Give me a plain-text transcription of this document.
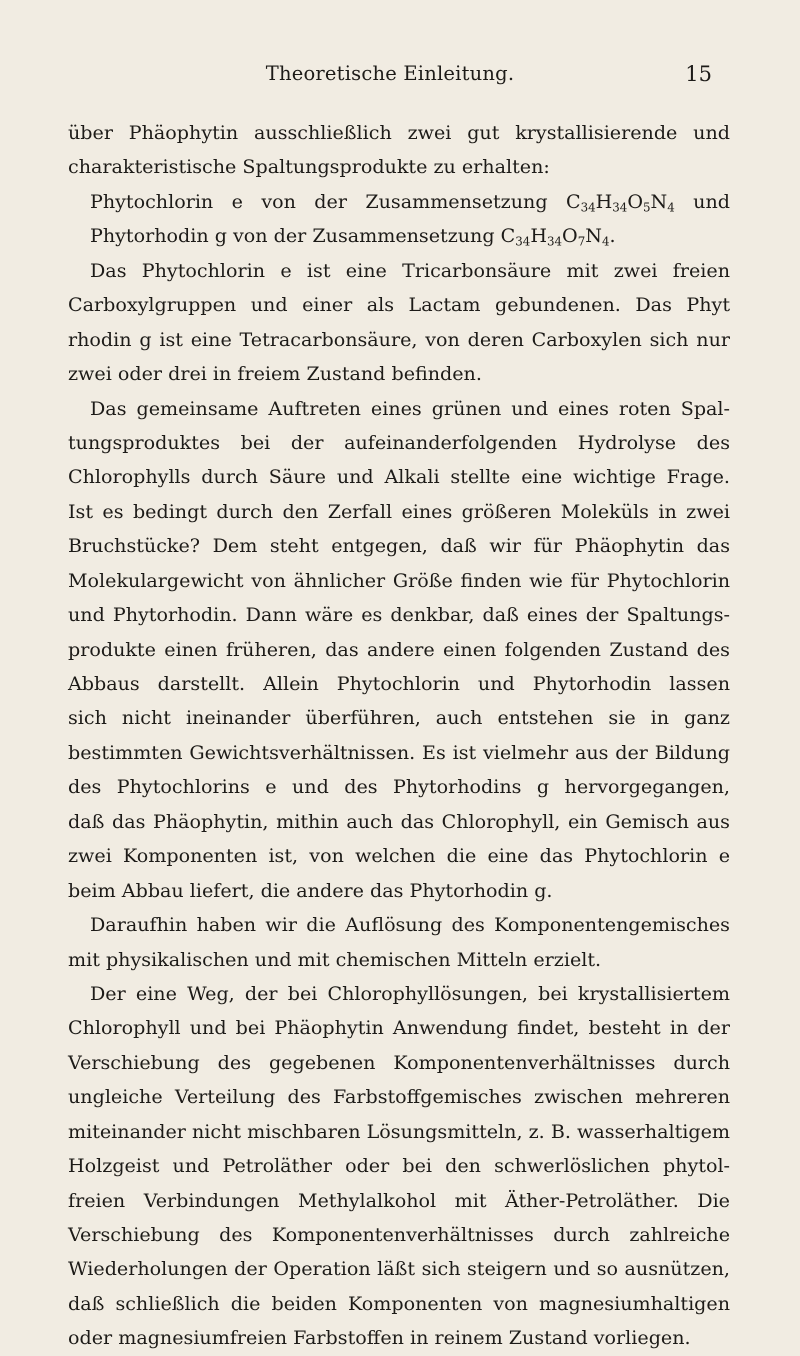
Theoretische Einleitung.	15
über Phäophytin ausschließlich zwei gut krystallisierende und
charakteristische Spaltungsprodukte zu erhalten:
Phytochlorin e von der Zusammensetzung $C_{34}H_{34}O_5N_4$ und
Phytorhodin g von der Zusammensetzung $C_{34}H_{34}O_7N_4$.
Das Phytochlorin e ist eine Tricarbonsäure mit zwei freien
Carboxylgruppen und einer als Lactam gebundenen. Das Phyt
rhodin g ist eine Tetracarbonsäure, von deren Carboxylen sich nur
zwei oder drei in freiem Zustand befinden.
Das gemeinsame Auftreten eines grünen und eines roten Spal-
tungsproduktes bei der aufeinanderfolgenden Hydrolyse des
Chlorophylls durch Säure und Alkali stellte eine wichtige Frage.
Ist es bedingt durch den Zerfall eines größeren Moleküls in zwei
Bruchstücke? Dem steht entgegen, daß wir für Phäophytin das
Molekulargewicht von ähnlicher Größe finden wie für Phytochlorin
und Phytorhodin. Dann wäre es denkbar, daß eines der Spaltungs-
produkte einen früheren, das andere einen folgenden Zustand des
Abbaus darstellt. Allein Phytochlorin und Phytorhodin lassen
sich nicht ineinander überführen, auch entstehen sie in ganz
bestimmten Gewichtsverhältnissen. Es ist vielmehr aus der Bildung
des Phytochlorins e und des Phytorhodins g hervorgegangen,
daß das Phäophytin, mithin auch das Chlorophyll, ein Gemisch aus
zwei Komponenten ist, von welchen die eine das Phytochlorin e
beim Abbau liefert, die andere das Phytorhodin g.
Daraufhin haben wir die Auflösung des Komponentengemisches
mit physikalischen und mit chemischen Mitteln erzielt.
Der eine Weg, der bei Chlorophyllösungen, bei krystallisiertem
Chlorophyll und bei Phäophytin Anwendung findet, besteht in der
Verschiebung des gegebenen Komponentenverhältnisses durch
ungleiche Verteilung des Farbstoffgemisches zwischen mehreren
miteinander nicht mischbaren Lösungsmitteln, z. B. wasserhaltigem
Holzgeist und Petroläther oder bei den schwerlöslichen phytol-
freien Verbindungen Methylalkohol mit Äther-Petroläther. Die
Verschiebung des Komponentenverhältnisses durch zahlreiche
Wiederholungen der Operation läßt sich steigern und so ausnützen,
daß schließlich die beiden Komponenten von magnesiumhaltigen
oder magnesiumfreien Farbstoffen in reinem Zustand vorliegen.
